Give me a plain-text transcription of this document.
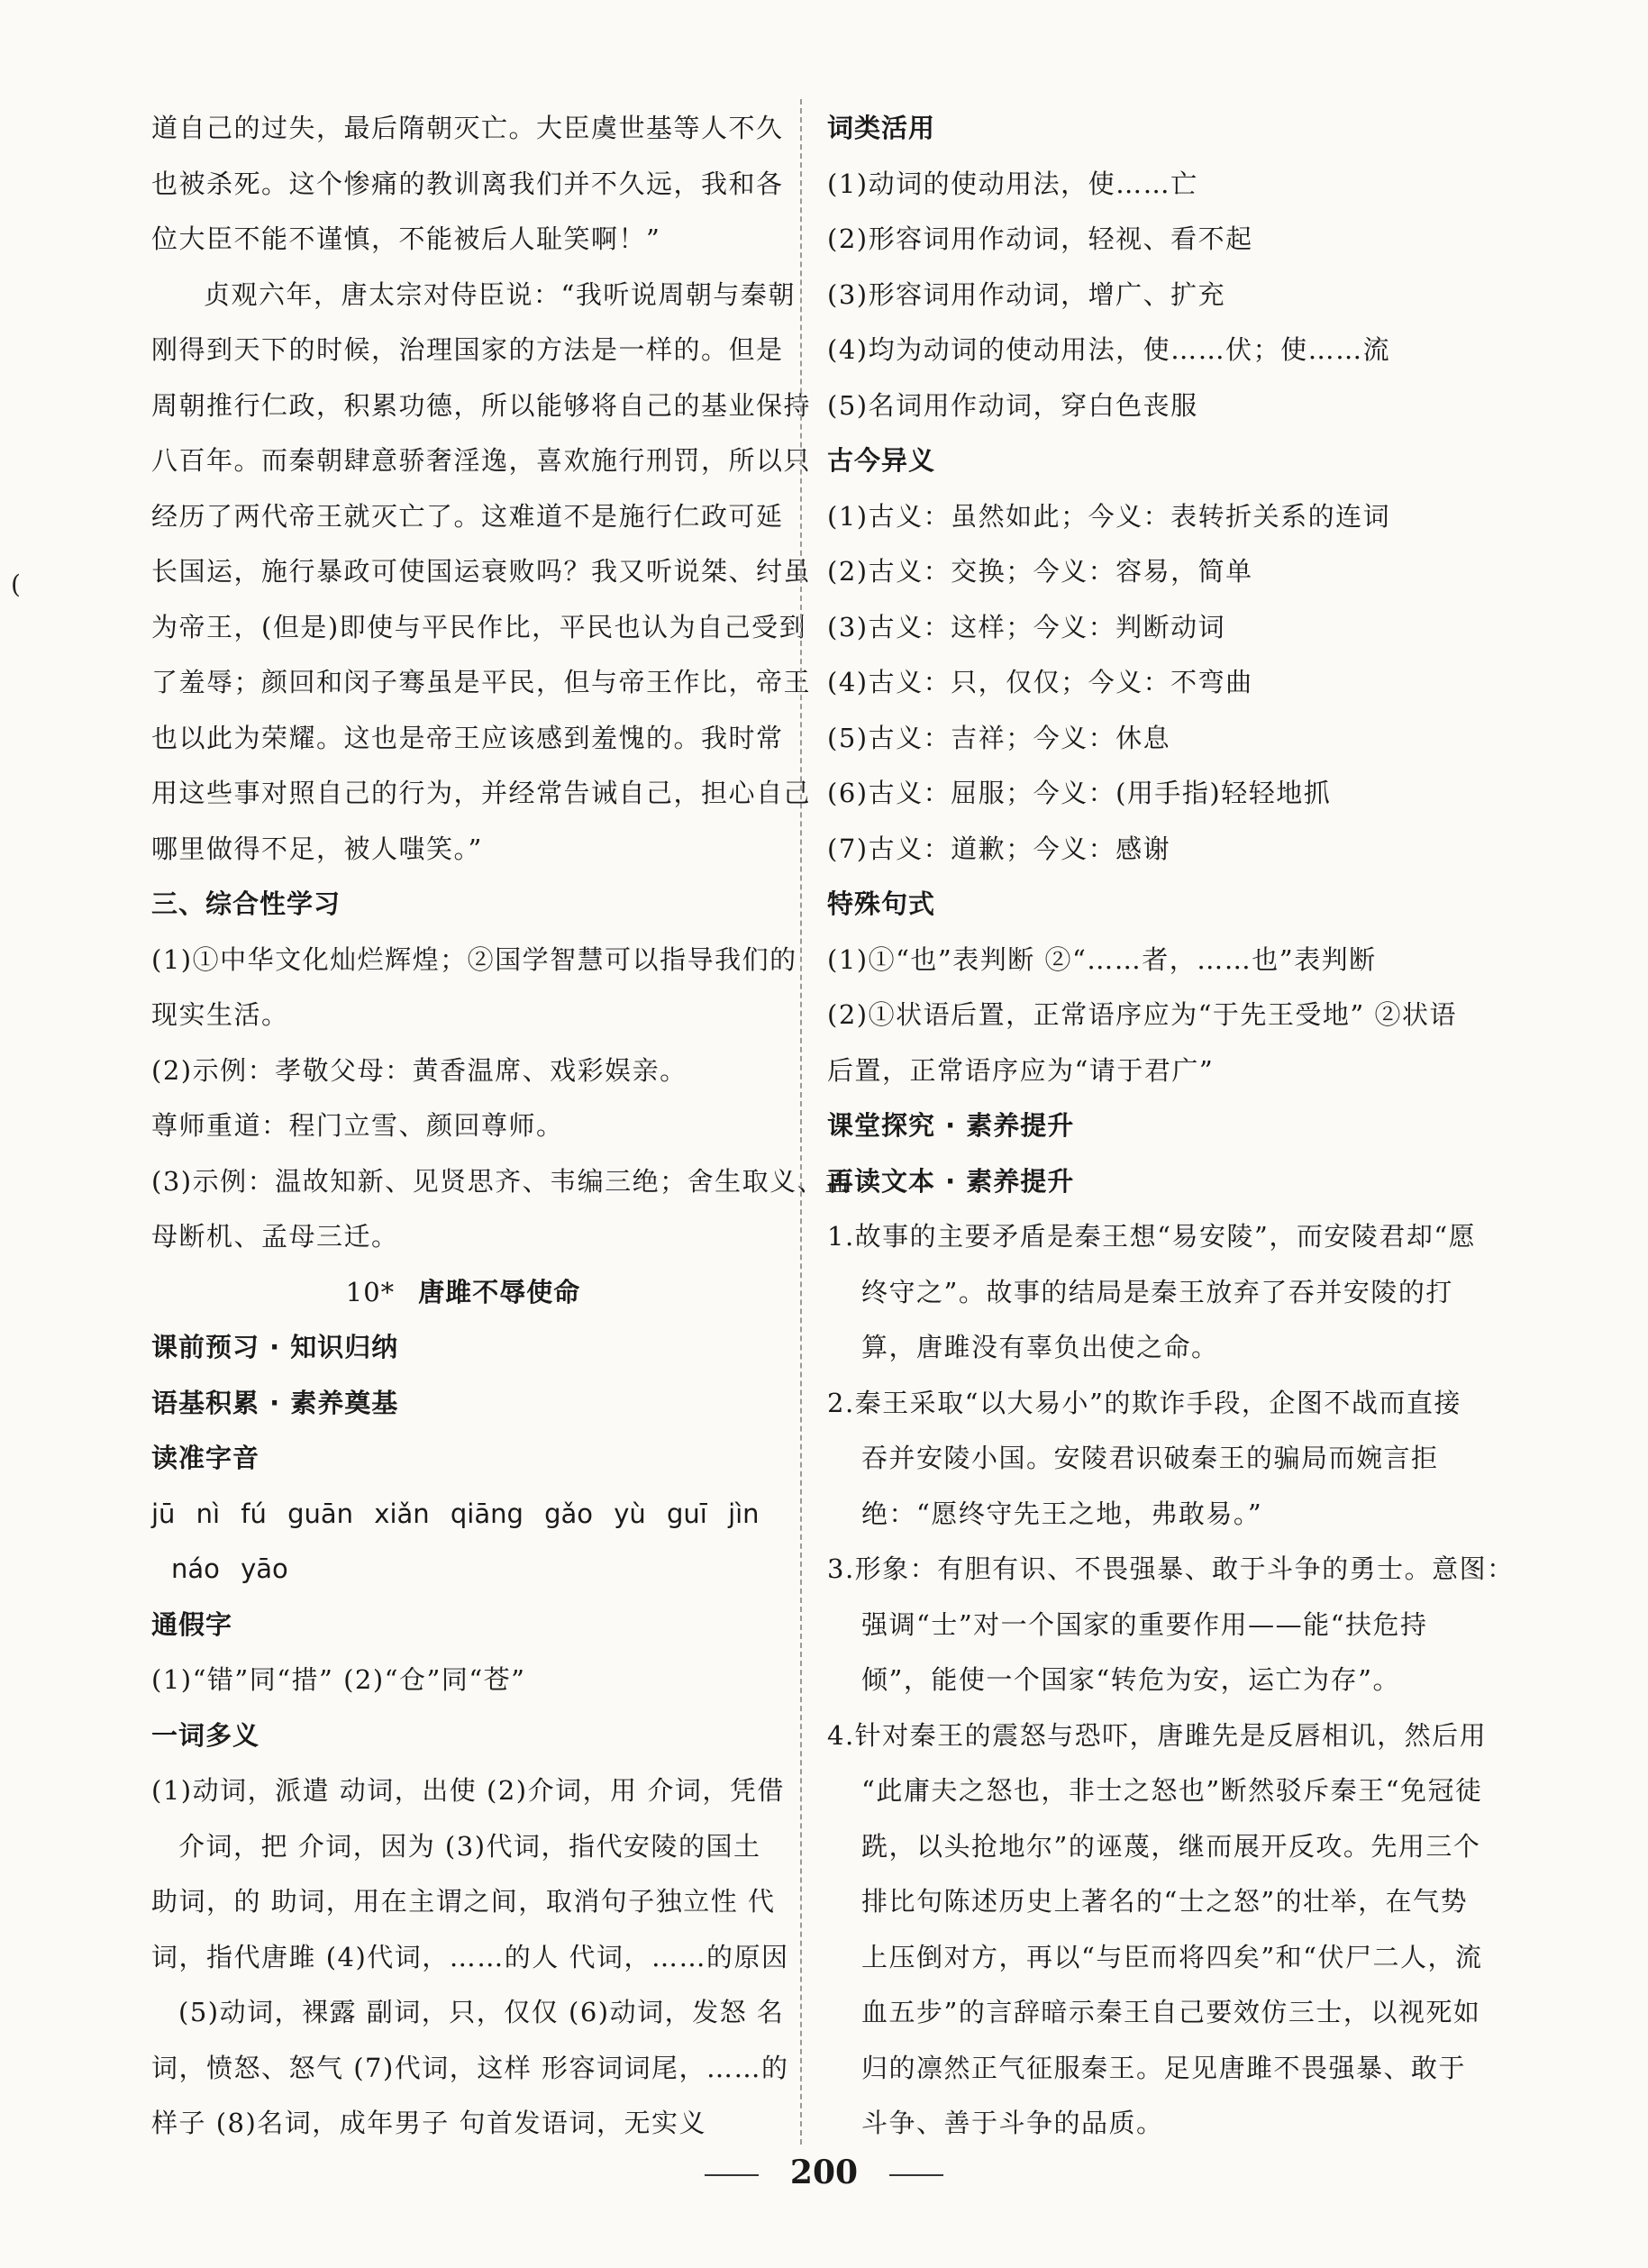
道自己的过失，最后隋朝灭亡。大臣虞世基等人不久
也被杀死。这个惨痛的教训离我们并不久远，我和各
位大臣不能不谨慎，不能被后人耻笑啊！”
贞观六年，唐太宗对侍臣说：“我听说周朝与秦朝
刚得到天下的时候，治理国家的方法是一样的。但是
周朝推行仁政，积累功德，所以能够将自己的基业保持
八百年。而秦朝肆意骄奢淫逸，喜欢施行刑罚，所以只
经历了两代帝王就灭亡了。这难道不是施行仁政可延
长国运，施行暴政可使国运衰败吗？我又听说桀、纣虽
为帝王，(但是)即使与平民作比，平民也认为自己受到
了羞辱；颜回和闵子骞虽是平民，但与帝王作比，帝王
也以此为荣耀。这也是帝王应该感到羞愧的。我时常
用这些事对照自己的行为，并经常告诫自己，担心自己
哪里做得不足，被人嗤笑。”
三、综合性学习
(1)①中华文化灿烂辉煌；②国学智慧可以指导我们的
现实生活。
(2)示例：孝敬父母：黄香温席、戏彩娱亲。
尊师重道：程门立雪、颜回尊师。
(3)示例：温故知新、见贤思齐、韦编三绝；舍生取义、孟
母断机、孟母三迁。
10* 唐雎不辱使命
课前预习 · 知识归纳
语基积累 · 素养奠基
读准字音
jū nì fú guān xiǎn qiāng gǎo yù guī jìn
náo yāo
通假字
(1)“错”同“措” (2)“仓”同“苍”
一词多义
(1)动词，派遣 动词，出使 (2)介词，用 介词，凭借
介词，把 介词，因为 (3)代词，指代安陵的国土
助词，的 助词，用在主谓之间，取消句子独立性 代
词，指代唐雎 (4)代词，……的人 代词，……的原因
(5)动词，裸露 副词，只，仅仅 (6)动词，发怒 名
词，愤怒、怒气 (7)代词，这样 形容词词尾，……的
样子 (8)名词，成年男子 句首发语词，无实义
词类活用
(1)动词的使动用法，使……亡
(2)形容词用作动词，轻视、看不起
(3)形容词用作动词，增广、扩充
(4)均为动词的使动用法，使……伏；使……流
(5)名词用作动词，穿白色丧服
古今异义
(1)古义：虽然如此；今义：表转折关系的连词
(2)古义：交换；今义：容易，简单
(3)古义：这样；今义：判断动词
(4)古义：只，仅仅；今义：不弯曲
(5)古义：吉祥；今义：休息
(6)古义：屈服；今义：(用手指)轻轻地抓
(7)古义：道歉；今义：感谢
特殊句式
(1)①“也”表判断 ②“……者，……也”表判断
(2)①状语后置，正常语序应为“于先王受地” ②状语
后置，正常语序应为“请于君广”
课堂探究 · 素养提升
再读文本 · 素养提升
1.故事的主要矛盾是秦王想“易安陵”，而安陵君却“愿
终守之”。故事的结局是秦王放弃了吞并安陵的打
算，唐雎没有辜负出使之命。
2.秦王采取“以大易小”的欺诈手段，企图不战而直接
吞并安陵小国。安陵君识破秦王的骗局而婉言拒
绝：“愿终守先王之地，弗敢易。”
3.形象：有胆有识、不畏强暴、敢于斗争的勇士。意图：
强调“士”对一个国家的重要作用——能“扶危持
倾”，能使一个国家“转危为安，运亡为存”。
4.针对秦王的震怒与恐吓，唐雎先是反唇相讥，然后用
“此庸夫之怒也，非士之怒也”断然驳斥秦王“免冠徒
跣，以头抢地尔”的诬蔑，继而展开反攻。先用三个
排比句陈述历史上著名的“士之怒”的壮举，在气势
上压倒对方，再以“与臣而将四矣”和“伏尸二人，流
血五步”的言辞暗示秦王自己要效仿三士，以视死如
归的凛然正气征服秦王。足见唐雎不畏强暴、敢于
斗争、善于斗争的品质。
(
200
